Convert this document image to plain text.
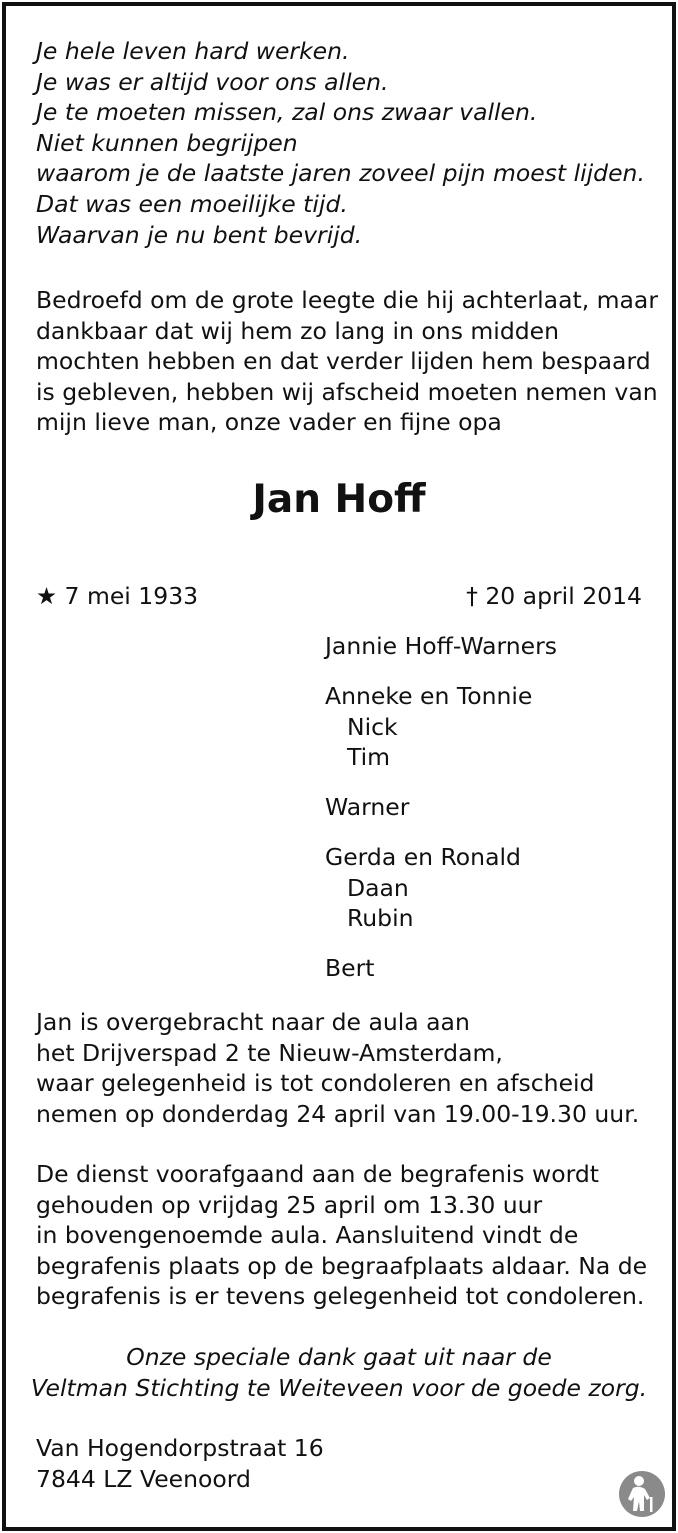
Je hele leven hard werken.
Je was er altijd voor ons allen.
Je te moeten missen, zal ons zwaar vallen.
Niet kunnen begrijpen
waarom je de laatste jaren zoveel pijn moest lijden.
Dat was een moeilijke tijd.
Waarvan je nu bent bevrijd.
Bedroefd om de grote leegte die hij achterlaat, maar
dankbaar dat wij hem zo lang in ons midden
mochten hebben en dat verder lijden hem bespaard
is gebleven, hebben wij afscheid moeten nemen van
mijn lieve man, onze vader en fijne opa
Jan Hoff
★ 7 mei 1933	† 20 april 2014
Jannie Hoff-Warners
Anneke en Tonnie
Nick
Tim
Warner
Gerda en Ronald
Daan
Rubin
Bert
Jan is overgebracht naar de aula aan
het Drijverspad 2 te Nieuw-Amsterdam,
waar gelegenheid is tot condoleren en afscheid
nemen op donderdag 24 april van 19.00-19.30 uur.
De dienst voorafgaand aan de begrafenis wordt
gehouden op vrijdag 25 april om 13.30 uur
in bovengenoemde aula. Aansluitend vindt de
begrafenis plaats op de begraafplaats aldaar. Na de
begrafenis is er tevens gelegenheid tot condoleren.
Onze speciale dank gaat uit naar de
Veltman Stichting te Weiteveen voor de goede zorg.
Van Hogendorpstraat 16
7844 LZ Veenoord
